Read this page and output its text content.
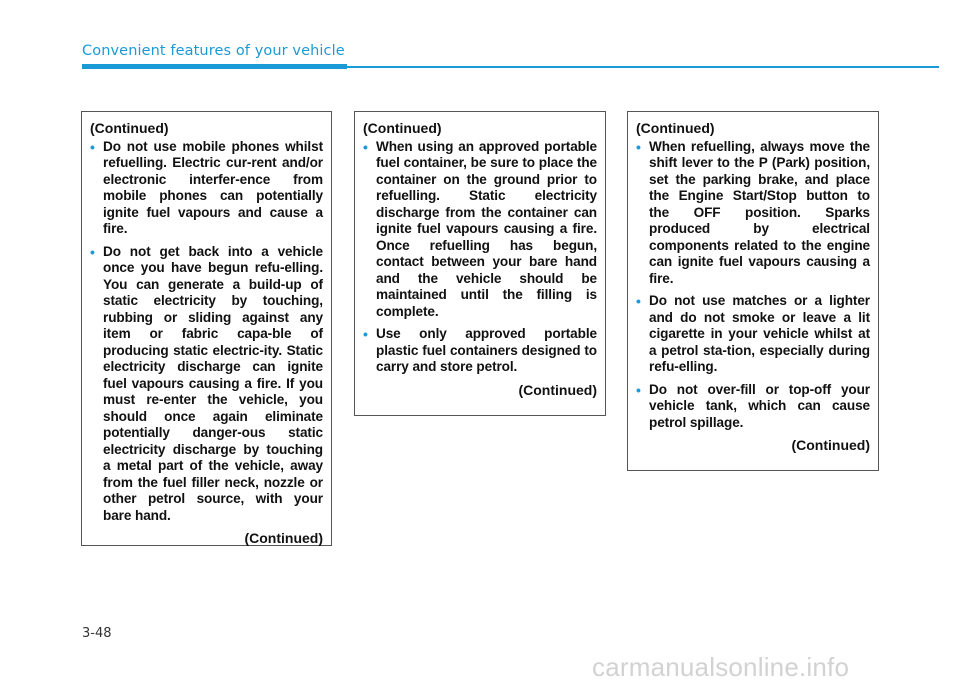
Convenient features of your vehicle
(Continued)
• Do not use mobile phones whilst refuelling. Electric cur-rent and/or electronic interfer-ence from mobile phones can potentially ignite fuel vapours and cause a fire.
• Do not get back into a vehicle once you have begun refu-elling. You can generate a build-up of static electricity by touching, rubbing or sliding against any item or fabric capa-ble of producing static electric-ity. Static electricity discharge can ignite fuel vapours causing a fire. If you must re-enter the vehicle, you should once again eliminate potentially danger-ous static electricity discharge by touching a metal part of the vehicle, away from the fuel filler neck, nozzle or other petrol source, with your bare hand.
(Continued)
(Continued)
• When using an approved portable fuel container, be sure to place the container on the ground prior to refuelling. Static electricity discharge from the container can ignite fuel vapours causing a fire. Once refuelling has begun, contact between your bare hand and the vehicle should be maintained until the filling is complete.
• Use only approved portable plastic fuel containers designed to carry and store petrol.
(Continued)
(Continued)
• When refuelling, always move the shift lever to the P (Park) position, set the parking brake, and place the Engine Start/Stop button to the OFF position. Sparks produced by electrical components related to the engine can ignite fuel vapours causing a fire.
• Do not use matches or a lighter and do not smoke or leave a lit cigarette in your vehicle whilst at a petrol sta-tion, especially during refu-elling.
• Do not over-fill or top-off your vehicle tank, which can cause petrol spillage.
(Continued)
3-48
carmanualsonline.info
